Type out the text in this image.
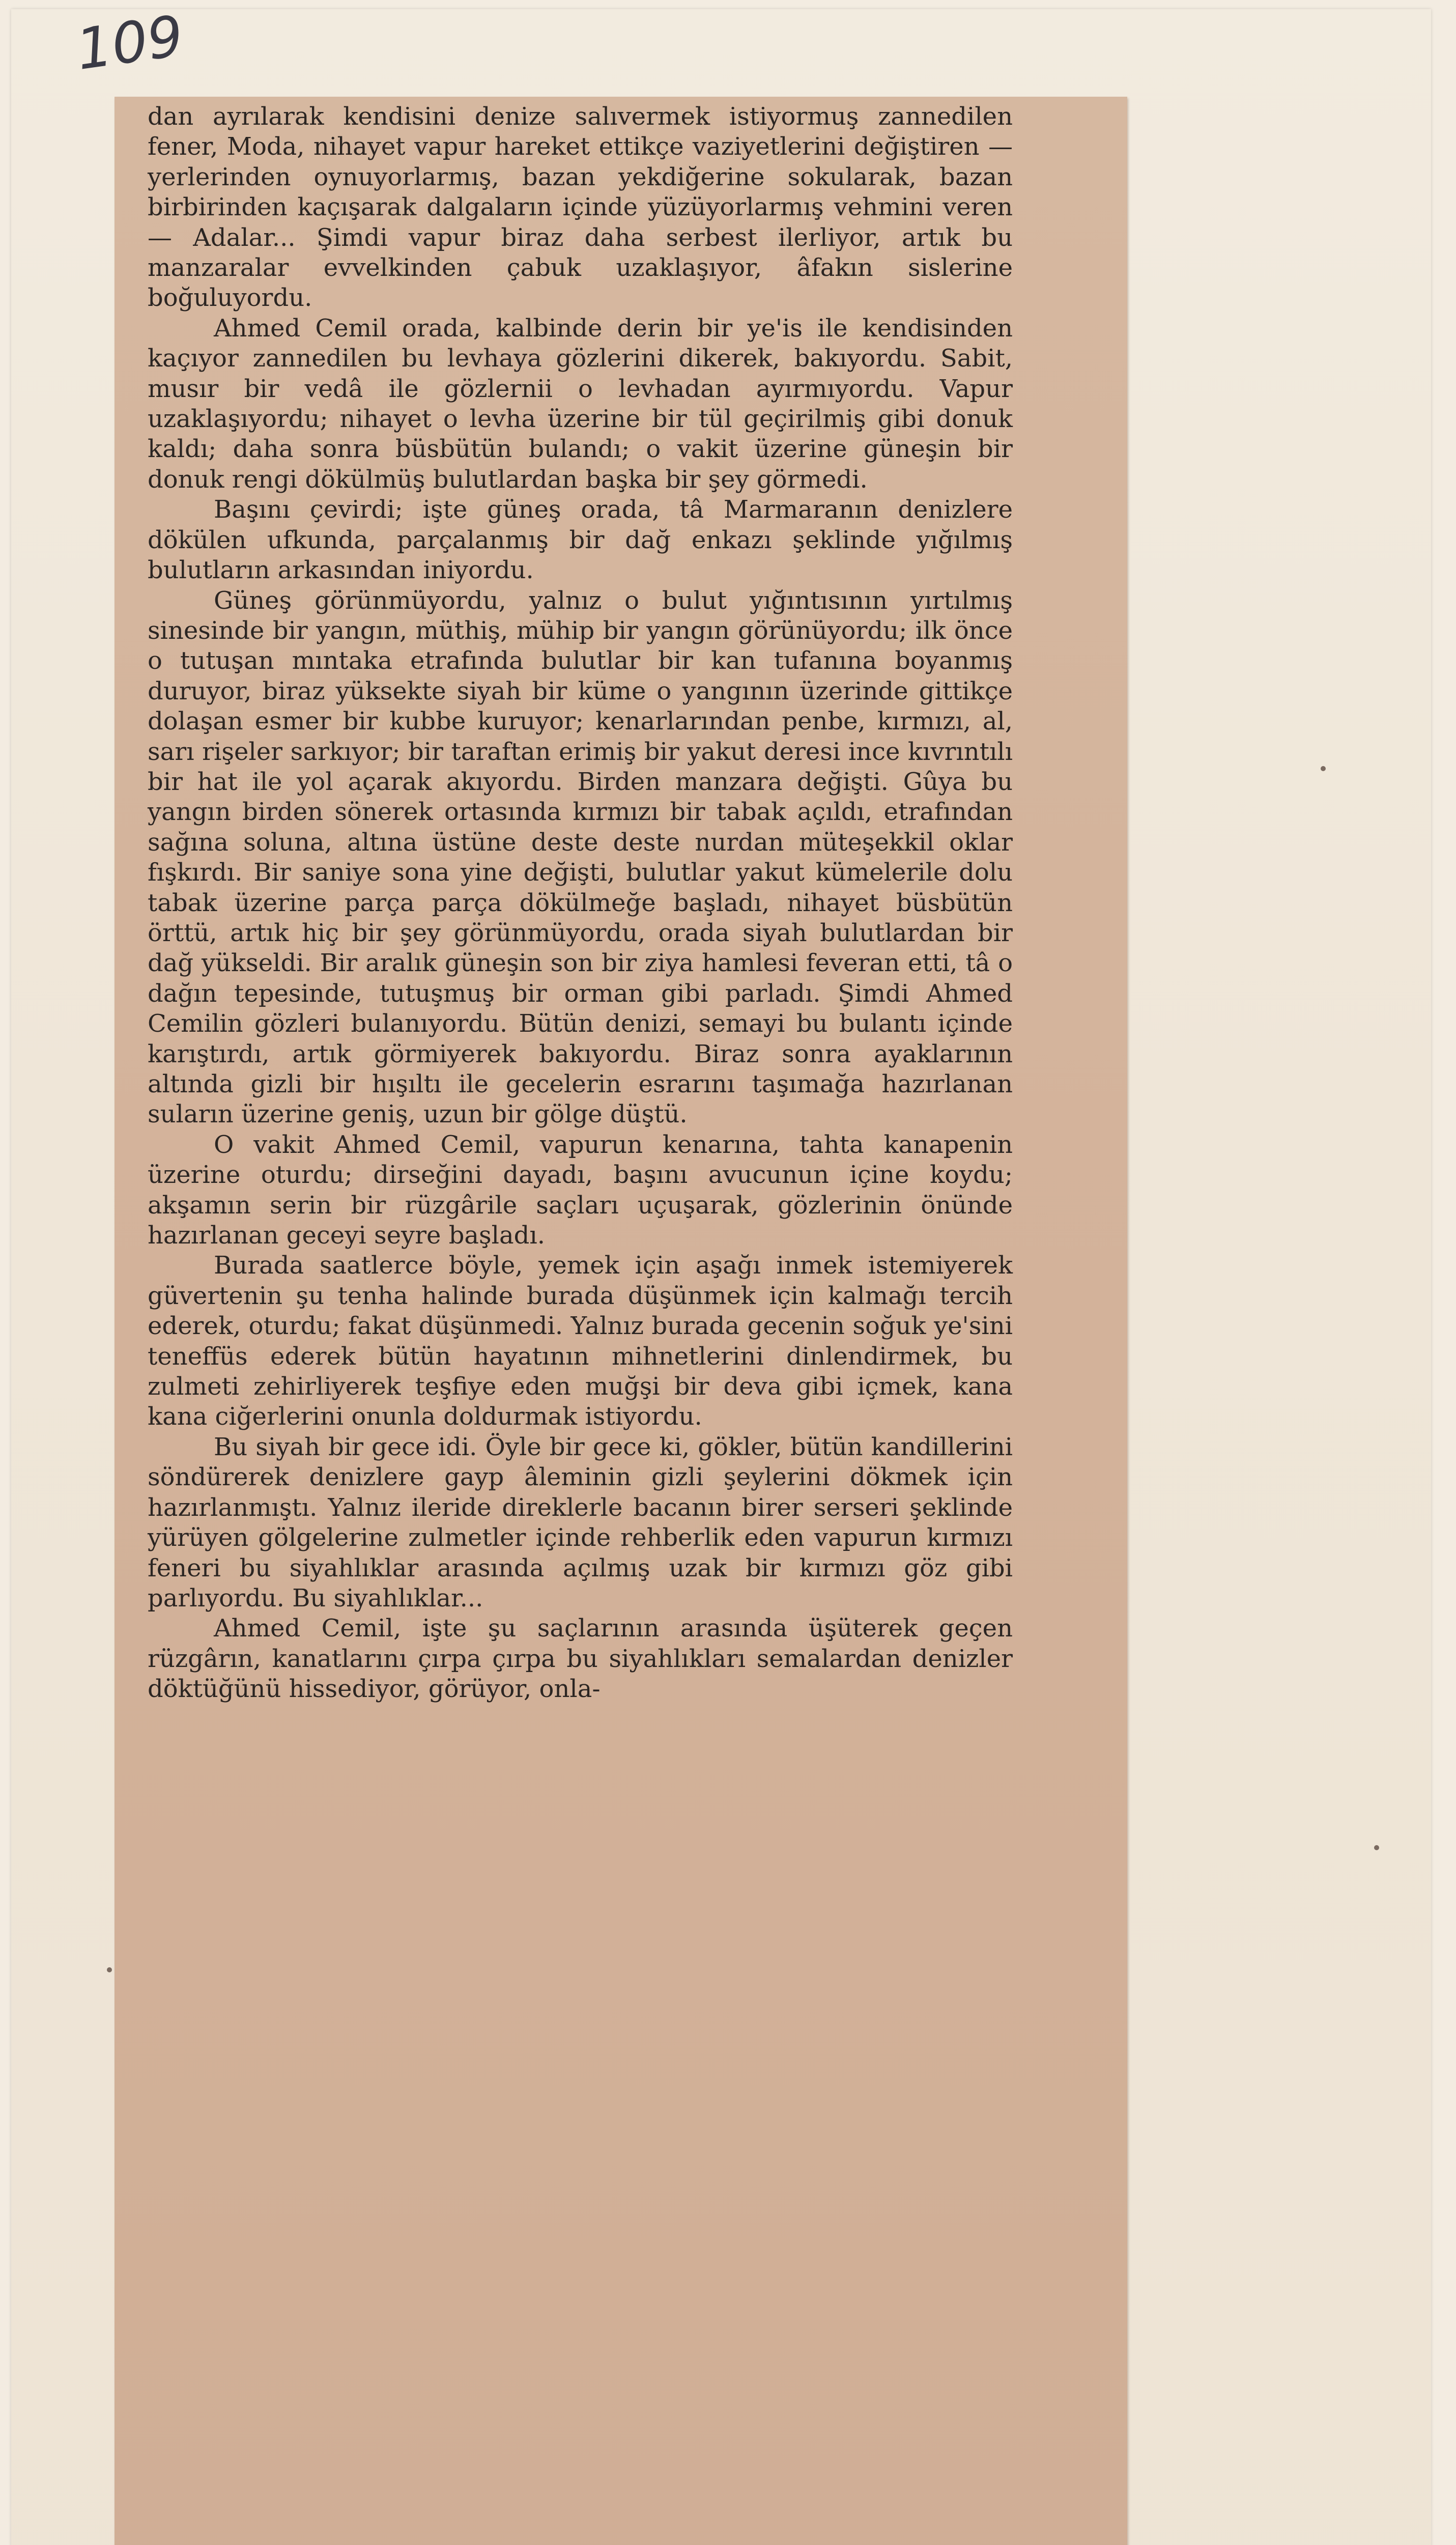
109

dan ayrılarak kendisini denize salıvermek istiyormuş zannedilen fener, Moda, nihayet vapur hareket ettikçe vaziyetlerini değiştiren —yerlerinden oynuyorlarmış, bazan yekdiğerine sokularak, bazan birbirinden kaçışarak dalgaların içinde yüzüyorlarmış vehmini veren— Adalar... Şimdi vapur biraz daha serbest ilerliyor, artık bu manzaralar evvelkinden çabuk uzaklaşıyor, âfakın sislerine boğuluyordu.

Ahmed Cemil orada, kalbinde derin bir ye'is ile kendisinden kaçıyor zannedilen bu levhaya gözlerini dikerek, bakıyordu. Sabit, musır bir vedâ ile gözlernii o levhadan ayırmıyordu. Vapur uzaklaşıyordu; nihayet o levha üzerine bir tül geçirilmiş gibi donuk kaldı; daha sonra büsbütün bulandı; o vakit üzerine güneşin bir donuk rengi dökülmüş bulutlardan başka bir şey görmedi.

Başını çevirdi; işte güneş orada, tâ Marmaranın denizlere dökülen ufkunda, parçalanmış bir dağ enkazı şeklinde yığılmış bulutların arkasından iniyordu.

Güneş görünmüyordu, yalnız o bulut yığıntısının yırtılmış sinesinde bir yangın, müthiş, mühip bir yangın görünüyordu; ilk önce o tutuşan mıntaka etrafında bulutlar bir kan tufanına boyanmış duruyor, biraz yüksekte siyah bir küme o yangının üzerinde gittikçe dolaşan esmer bir kubbe kuruyor; kenarlarından penbe, kırmızı, al, sarı rişeler sarkıyor; bir taraftan erimiş bir yakut deresi ince kıvrıntılı bir hat ile yol açarak akıyordu. Birden manzara değişti. Gûya bu yangın birden sönerek ortasında kırmızı bir tabak açıldı, etrafından sağına soluna, altına üstüne deste deste nurdan müteşekkil oklar fışkırdı. Bir saniye sona yine değişti, bulutlar yakut kümelerile dolu tabak üzerine parça parça dökülmeğe başladı, nihayet büsbütün örttü, artık hiç bir şey görünmüyordu, orada siyah bulutlardan bir dağ yükseldi. Bir aralık güneşin son bir ziya hamlesi feveran etti, tâ o dağın tepesinde, tutuşmuş bir orman gibi parladı. Şimdi Ahmed Cemilin gözleri bulanıyordu. Bütün denizi, semayi bu bulantı içinde karıştırdı, artık görmiyerek bakıyordu. Biraz sonra ayaklarının altında gizli bir hışıltı ile gecelerin esrarını taşımağa hazırlanan suların üzerine geniş, uzun bir gölge düştü.

O vakit Ahmed Cemil, vapurun kenarına, tahta kanapenin üzerine oturdu; dirseğini dayadı, başını avucunun içine koydu; akşamın serin bir rüzgârile saçları uçuşarak, gözlerinin önünde hazırlanan geceyi seyre başladı.

Burada saatlerce böyle, yemek için aşağı inmek istemiyerek güvertenin şu tenha halinde burada düşünmek için kalmağı tercih ederek, oturdu; fakat düşünmedi. Yalnız burada gecenin soğuk ye'sini teneffüs ederek bütün hayatının mihnetlerini dinlendirmek, bu zulmeti zehirliyerek teşfiye eden muğşi bir deva gibi içmek, kana kana ciğerlerini onunla doldurmak istiyordu.

Bu siyah bir gece idi. Öyle bir gece ki, gökler, bütün kandillerini söndürerek denizlere gayp âleminin gizli şeylerini dökmek için hazırlanmıştı. Yalnız ileride direklerle bacanın birer serseri şeklinde yürüyen gölgelerine zulmetler içinde rehberlik eden vapurun kırmızı feneri bu siyahlıklar arasında açılmış uzak bir kırmızı göz gibi parlıyordu. Bu siyahlıklar...

Ahmed Cemil, işte şu saçlarının arasında üşüterek geçen rüzgârın, kanatlarını çırpa çırpa bu siyahlıkları semalardan denizler döktüğünü hissediyor, görüyor, onla-
